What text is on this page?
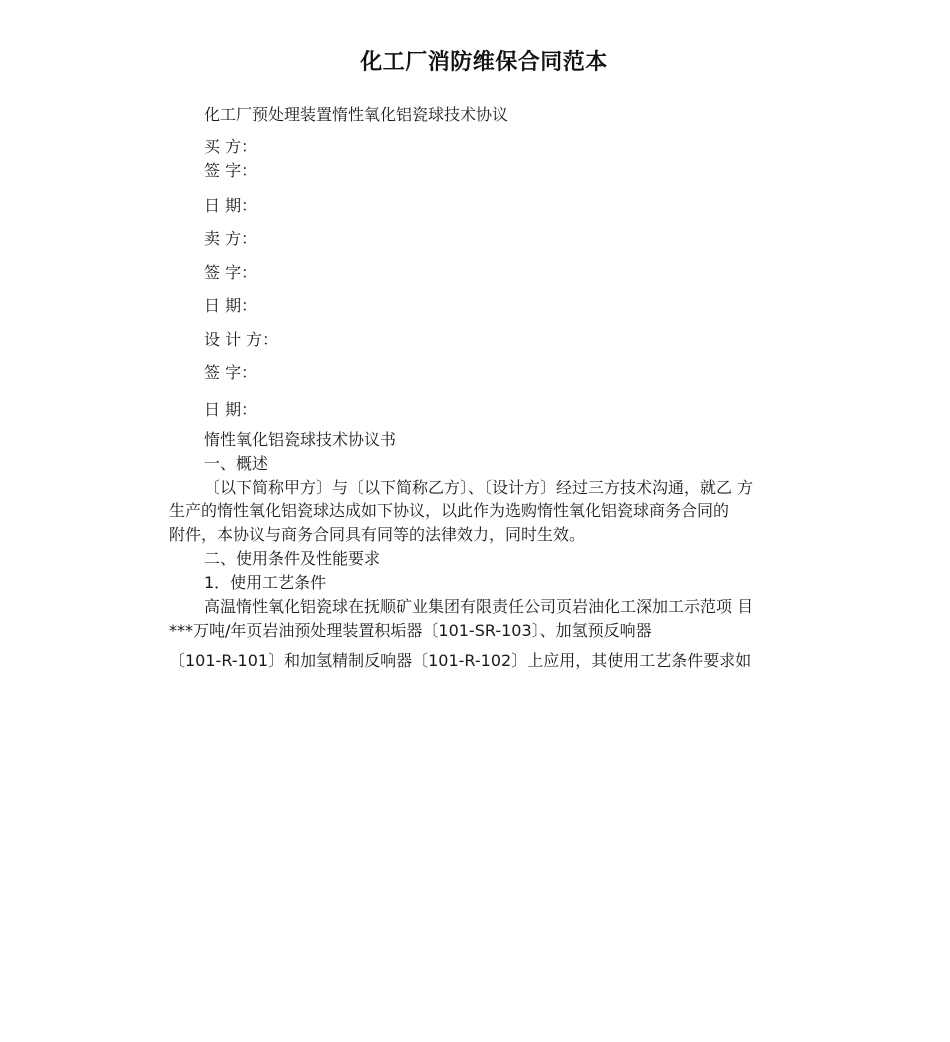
化工厂消防维保合同范本
化工厂预处理装置惰性氧化铝瓷球技术协议
买 方：
签 字：
日 期：
卖 方：
签 字：
日 期：
设 计 方：
签 字：
日 期：
惰性氧化铝瓷球技术协议书
一、概述
〔以下简称甲方〕与〔以下简称乙方〕、〔设计方〕经过三方技术沟通，就乙 方
生产的惰性氧化铝瓷球达成如下协议，以此作为选购惰性氧化铝瓷球商务合同的
附件，本协议与商务合同具有同等的法律效力，同时生效。
二、使用条件及性能要求
1．使用工艺条件
高温惰性氧化铝瓷球在抚顺矿业集团有限责任公司页岩油化工深加工示范项 目
***万吨/年页岩油预处理装置积垢器〔101-SR-103〕、加氢预反响器
〔101-R-101〕和加氢精制反响器〔101-R-102〕上应用，其使用工艺条件要求如
